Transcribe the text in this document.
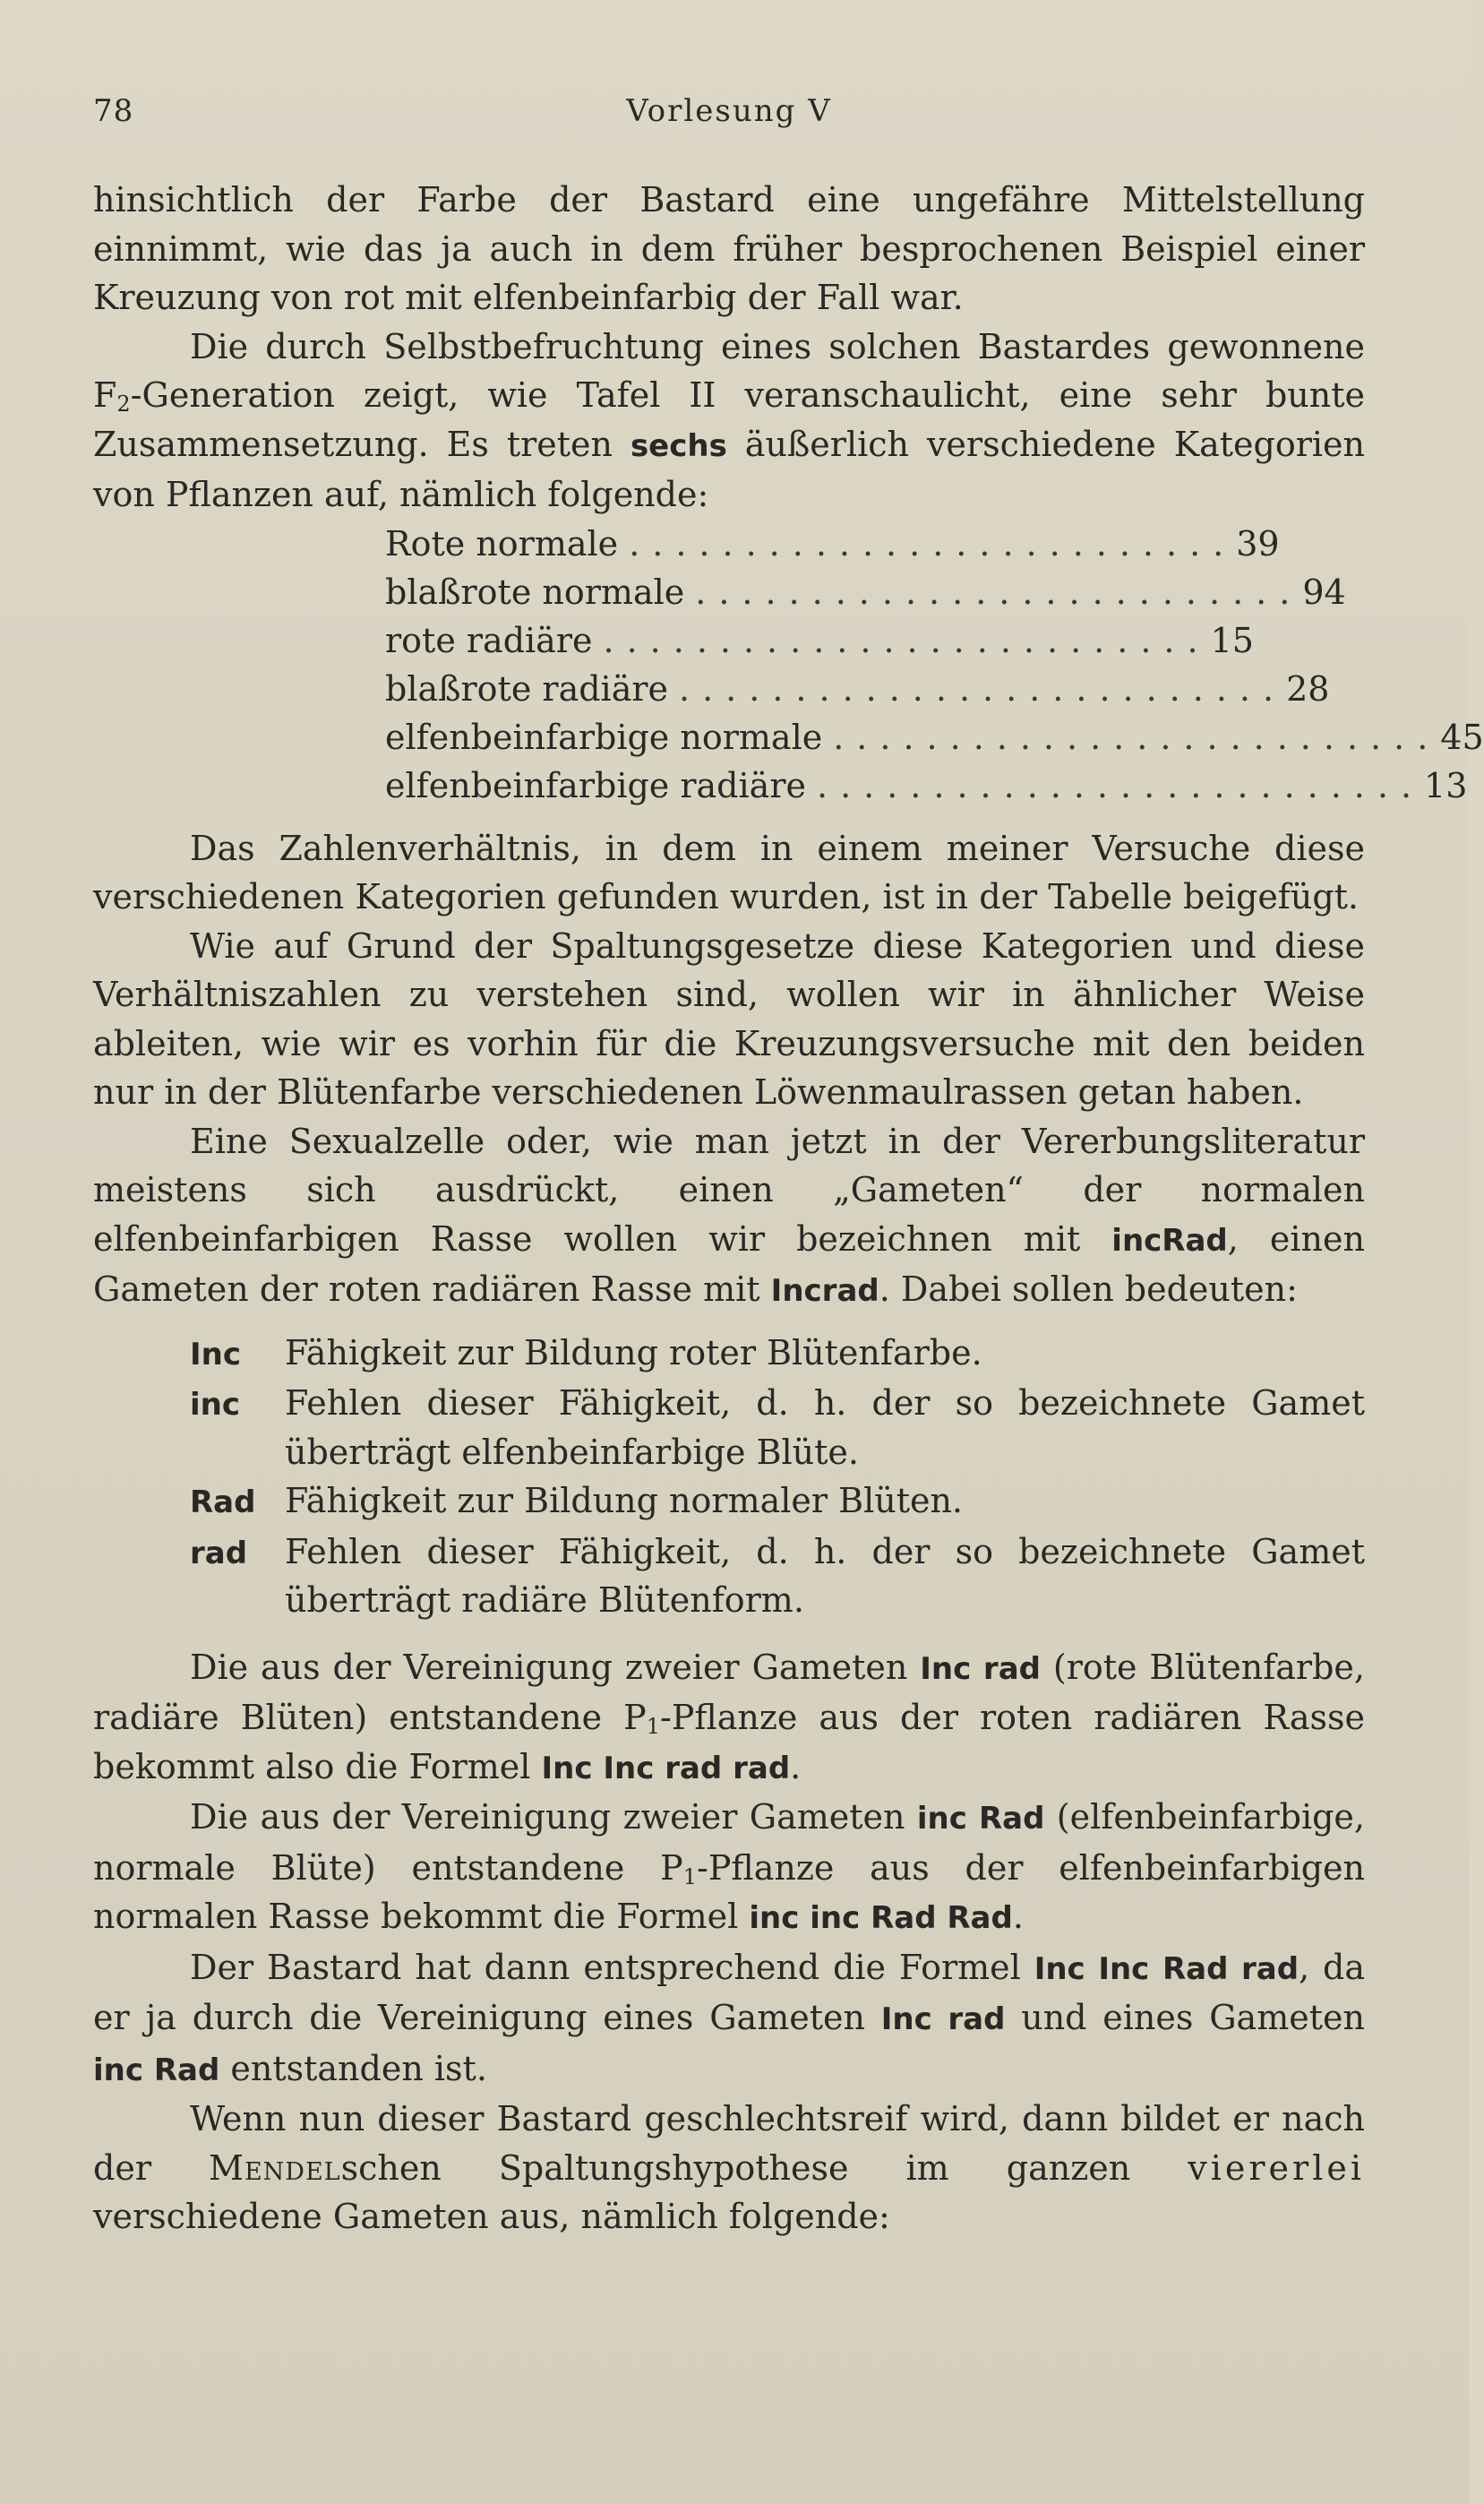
78	Vorlesung V

hinsichtlich der Farbe der Bastard eine ungefähre Mittelstellung einnimmt, wie das ja auch in dem früher besprochenen Beispiel einer Kreuzung von rot mit elfenbeinfarbig der Fall war.

Die durch Selbstbefruchtung eines solchen Bastardes gewonnene $F_2$-Generation zeigt, wie Tafel II veranschaulicht, eine sehr bunte Zusammensetzung. Es treten sechs äußerlich verschiedene Kategorien von Pflanzen auf, nämlich folgende:

Rote normale .......................... 39
blaßrote normale .......................... 94
rote radiäre .......................... 15
blaßrote radiäre .......................... 28
elfenbeinfarbige normale .......................... 45
elfenbeinfarbige radiäre .......................... 13

Das Zahlenverhältnis, in dem in einem meiner Versuche diese verschiedenen Kategorien gefunden wurden, ist in der Tabelle beigefügt.

Wie auf Grund der Spaltungsgesetze diese Kategorien und diese Verhältniszahlen zu verstehen sind, wollen wir in ähnlicher Weise ableiten, wie wir es vorhin für die Kreuzungsversuche mit den beiden nur in der Blütenfarbe verschiedenen Löwenmaulrassen getan haben.

Eine Sexualzelle oder, wie man jetzt in der Vererbungsliteratur meistens sich ausdrückt, einen „Gameten“ der normalen elfenbeinfarbigen Rasse wollen wir bezeichnen mit incRad, einen Gameten der roten radiären Rasse mit Incrad. Dabei sollen bedeuten:

Inc	Fähigkeit zur Bildung roter Blütenfarbe.
inc	Fehlen dieser Fähigkeit, d. h. der so bezeichnete Gamet überträgt elfenbeinfarbige Blüte.
Rad Fähigkeit zur Bildung normaler Blüten.
rad	Fehlen dieser Fähigkeit, d. h. der so bezeichnete Gamet überträgt radiäre Blütenform.

Die aus der Vereinigung zweier Gameten Inc rad (rote Blütenfarbe, radiäre Blüten) entstandene $P_1$-Pflanze aus der roten radiären Rasse bekommt also die Formel Inc Inc rad rad.

Die aus der Vereinigung zweier Gameten inc Rad (elfenbeinfarbige, normale Blüte) entstandene $P_1$-Pflanze aus der elfenbeinfarbigen normalen Rasse bekommt die Formel inc inc Rad Rad.

Der Bastard hat dann entsprechend die Formel Inc Inc Rad rad, da er ja durch die Vereinigung eines Gameten Inc rad und eines Gameten inc Rad entstanden ist.

Wenn nun dieser Bastard geschlechtsreif wird, dann bildet er nach der Mendelschen Spaltungshypothese im ganzen viererlei verschiedene Gameten aus, nämlich folgende:
